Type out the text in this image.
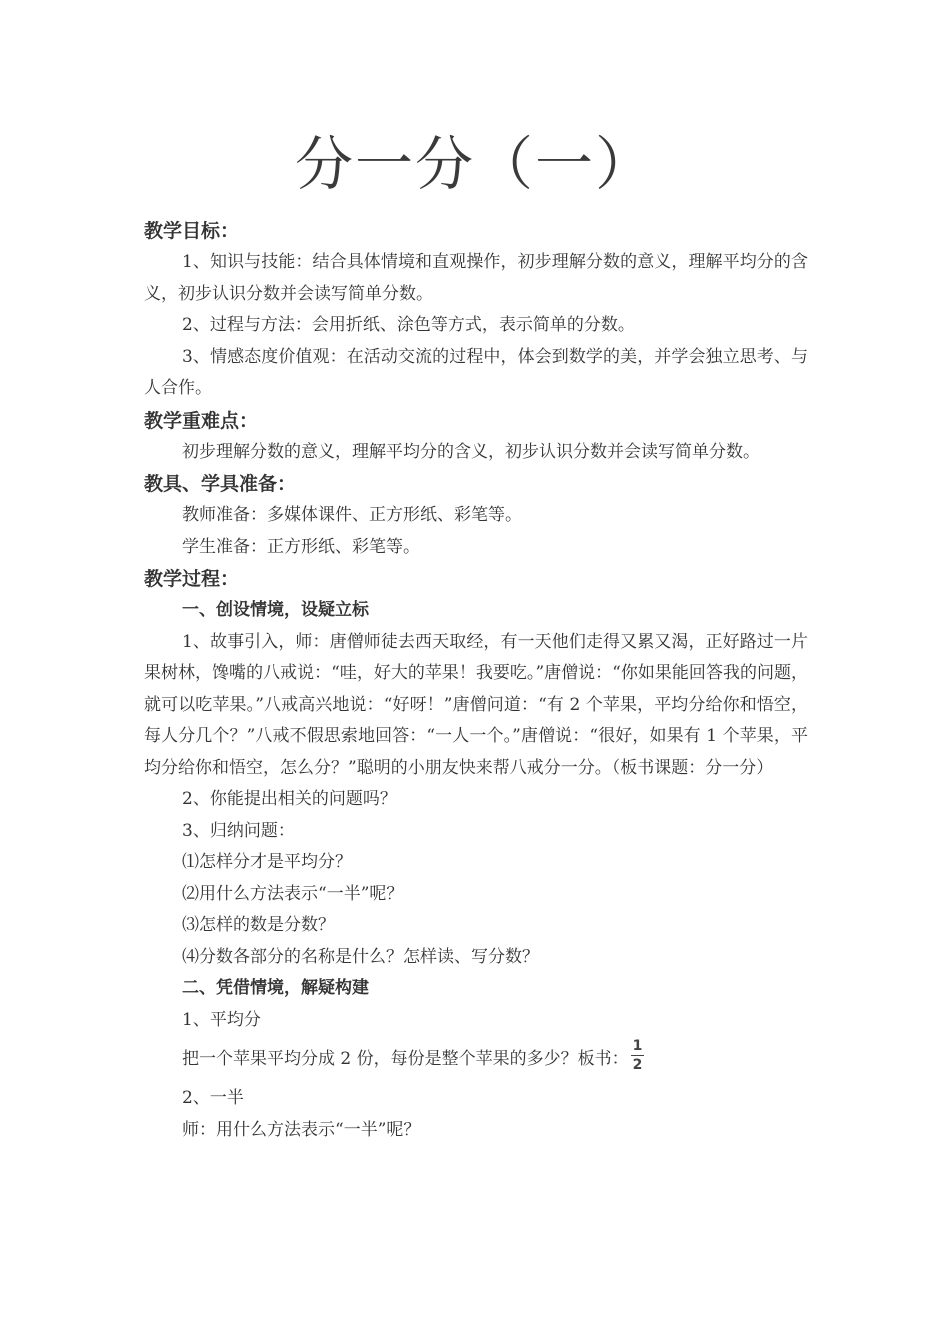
分一分（一）
教学目标：

1、知识与技能：结合具体情境和直观操作，初步理解分数的意义，理解平均分的含义，初步认识分数并会读写简单分数。

2、过程与方法：会用折纸、涂色等方式，表示简单的分数。

3、情感态度价值观：在活动交流的过程中，体会到数学的美，并学会独立思考、与人合作。

教学重难点：

初步理解分数的意义，理解平均分的含义，初步认识分数并会读写简单分数。

教具、学具准备：

教师准备：多媒体课件、正方形纸、彩笔等。

学生准备：正方形纸、彩笔等。

教学过程：
一、创设情境，设疑立标

1、故事引入，师：唐僧师徒去西天取经，有一天他们走得又累又渴，正好路过一片果树林，馋嘴的八戒说：“哇，好大的苹果！我要吃。”唐僧说：“你如果能回答我的问题，就可以吃苹果。”八戒高兴地说：“好呀！”唐僧问道：“有 2 个苹果，平均分给你和悟空，每人分几个？”八戒不假思索地回答：“一人一个。”唐僧说：“很好，如果有 1 个苹果，平均分给你和悟空，怎么分？”聪明的小朋友快来帮八戒分一分。（板书课题：分一分）

2、你能提出相关的问题吗？

3、归纳问题：

⑴怎样分才是平均分？

⑵用什么方法表示“一半”呢？

⑶怎样的数是分数？

⑷分数各部分的名称是什么？怎样读、写分数？

二、凭借情境，解疑构建

1、平均分

把一个苹果平均分成 2 份，每份是整个苹果的多少？板书： $\frac{1}{2}$

2、一半

师：用什么方法表示“一半”呢？
